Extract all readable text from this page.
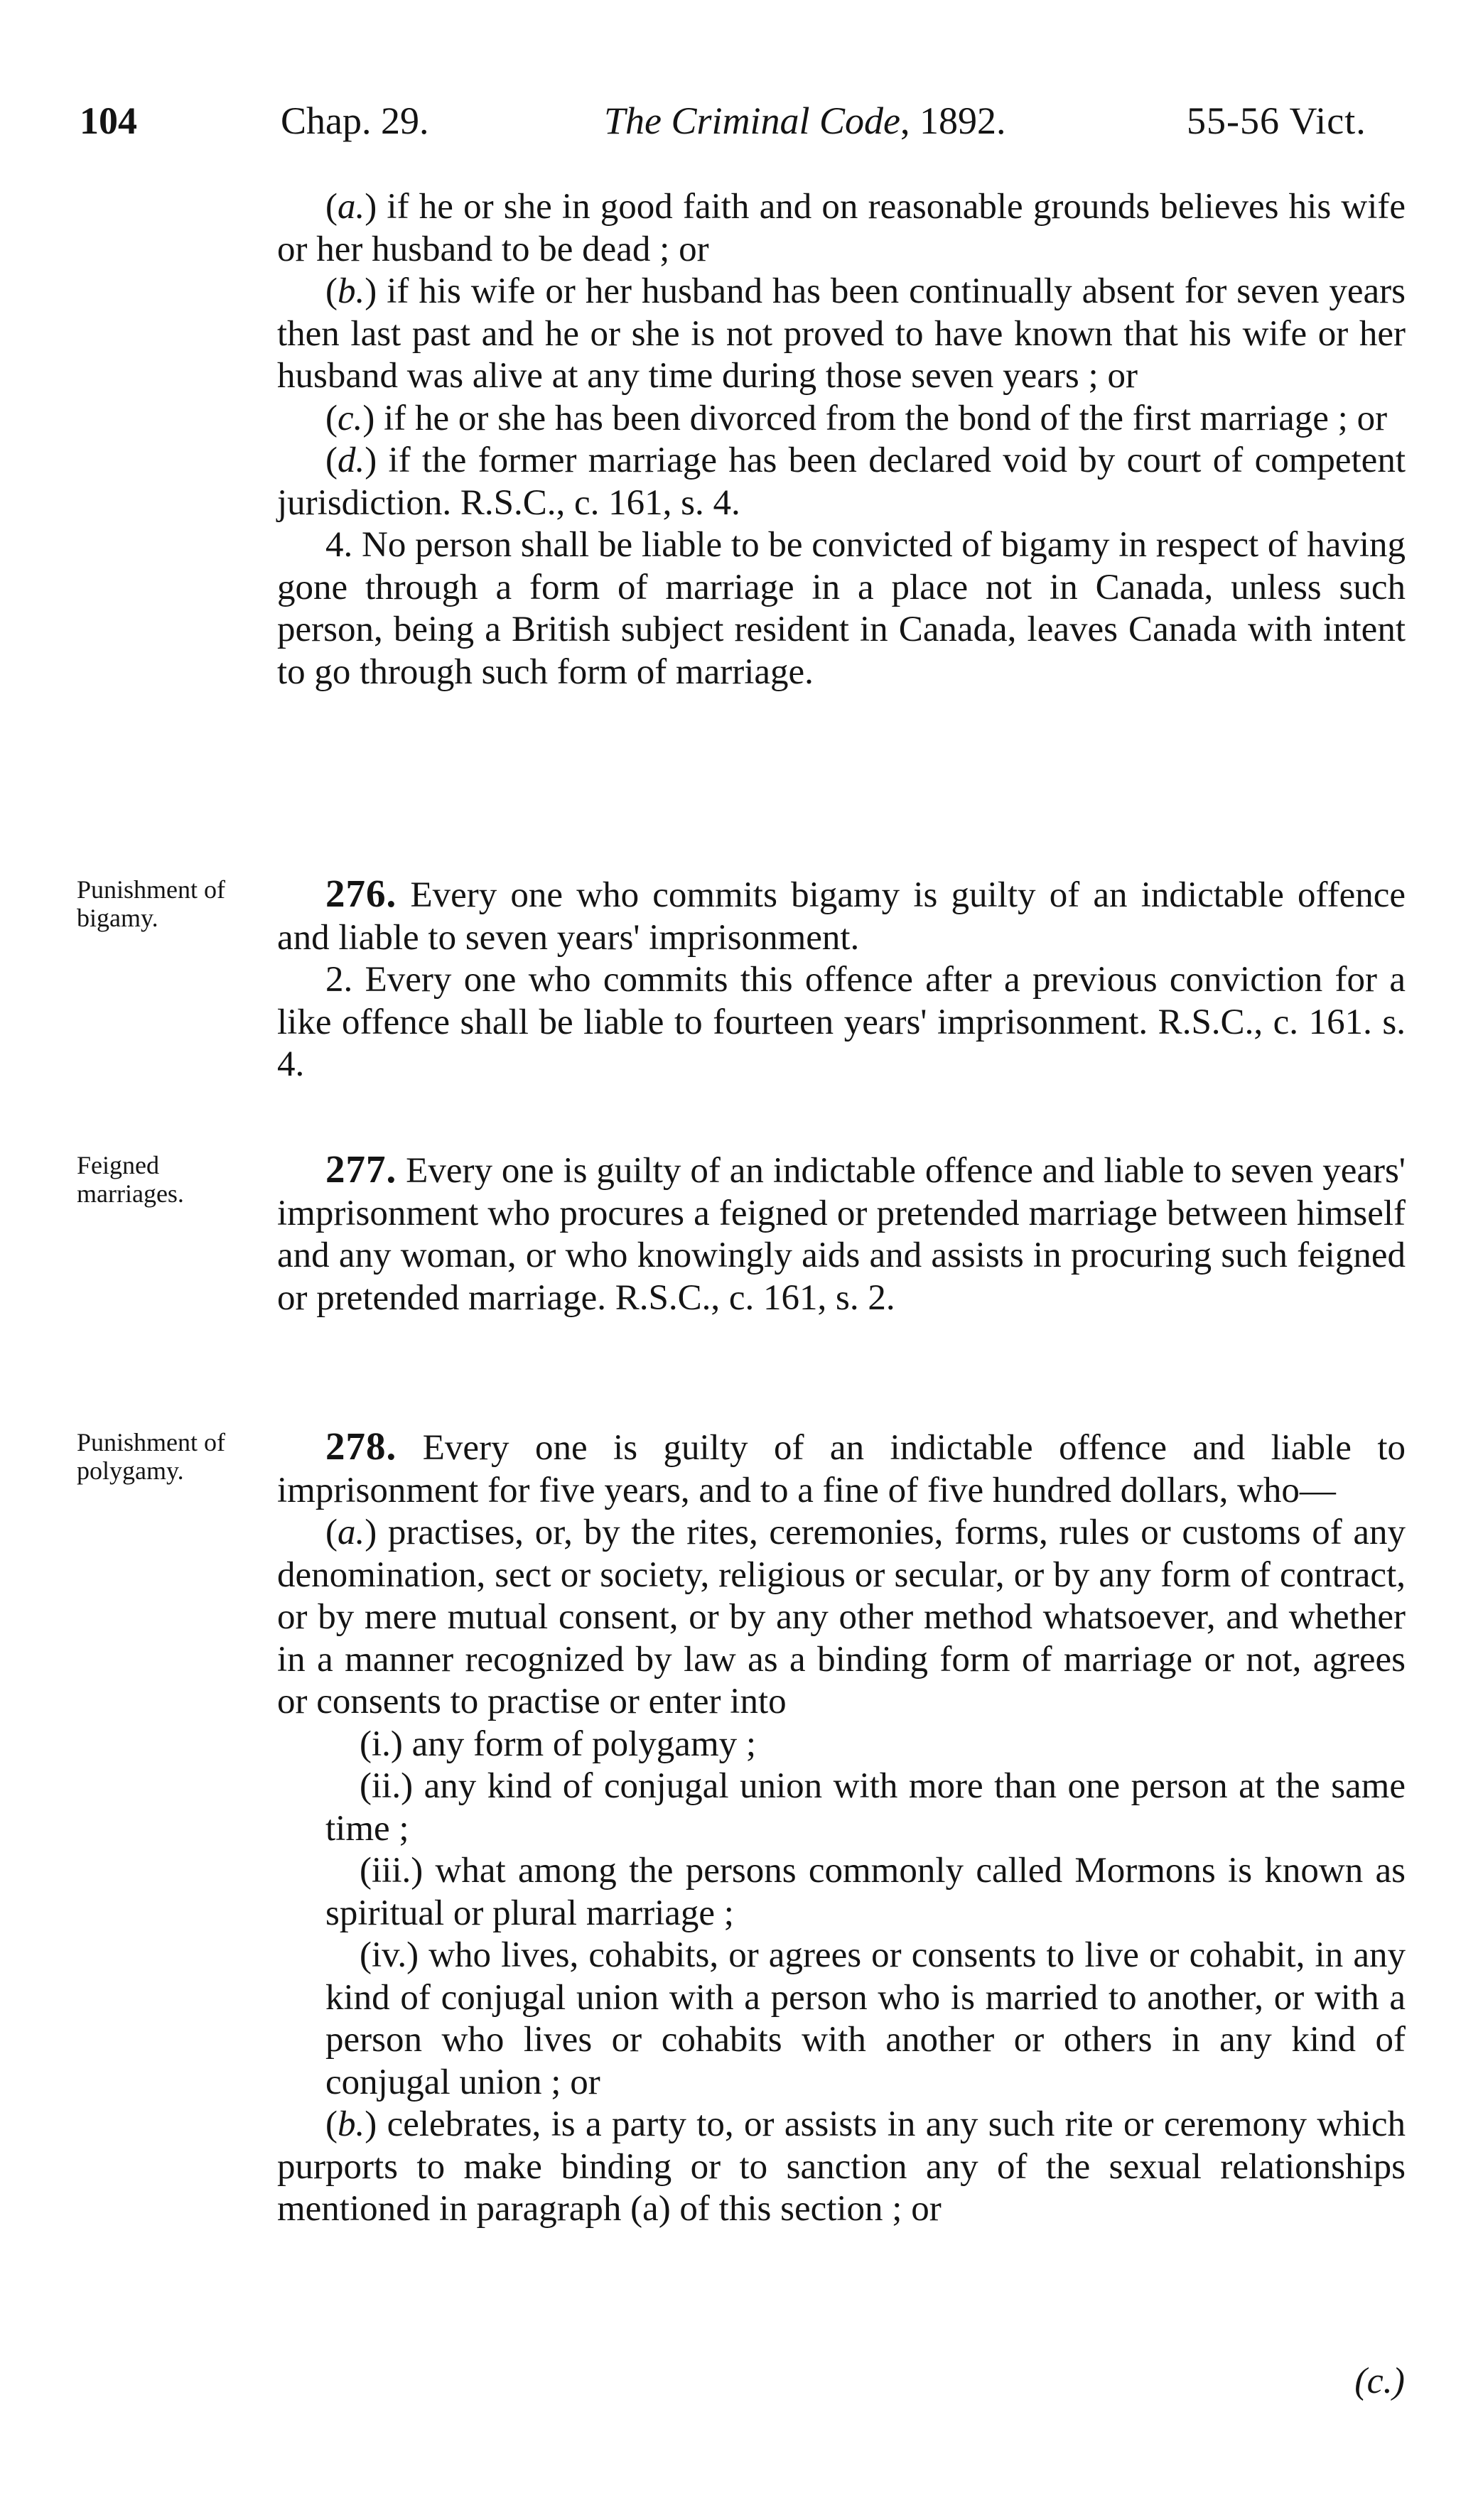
104	Chap. 29.	The Criminal Code, 1892.	55-56 Vict.

(a.) if he or she in good faith and on reasonable grounds believes his wife or her husband to be dead ; or

(b.) if his wife or her husband has been continually absent for seven years then last past and he or she is not proved to have known that his wife or her husband was alive at any time during those seven years ; or

(c.) if he or she has been divorced from the bond of the first marriage ; or

(d.) if the former marriage has been declared void by court of competent jurisdiction. R.S.C., c. 161, s. 4.

4. No person shall be liable to be convicted of bigamy in respect of having gone through a form of marriage in a place not in Canada, unless such person, being a British subject resident in Canada, leaves Canada with intent to go through such form of marriage.

Punishment of bigamy.

276. Every one who commits bigamy is guilty of an indictable offence and liable to seven years' imprisonment.

2. Every one who commits this offence after a previous conviction for a like offence shall be liable to fourteen years' imprisonment. R.S.C., c. 161. s. 4.

Feigned marriages.

277. Every one is guilty of an indictable offence and liable to seven years' imprisonment who procures a feigned or pretended marriage between himself and any woman, or who knowingly aids and assists in procuring such feigned or pretended marriage. R.S.C., c. 161, s. 2.

Punishment of polygamy.

278. Every one is guilty of an indictable offence and liable to imprisonment for five years, and to a fine of five hundred dollars, who—

(a.) practises, or, by the rites, ceremonies, forms, rules or customs of any denomination, sect or society, religious or secular, or by any form of contract, or by mere mutual consent, or by any other method whatsoever, and whether in a manner recognized by law as a binding form of marriage or not, agrees or consents to practise or enter into

(i.) any form of polygamy ;

(ii.) any kind of conjugal union with more than one person at the same time ;

(iii.) what among the persons commonly called Mormons is known as spiritual or plural marriage ;

(iv.) who lives, cohabits, or agrees or consents to live or cohabit, in any kind of conjugal union with a person who is married to another, or with a person who lives or cohabits with another or others in any kind of conjugal union ; or

(b.) celebrates, is a party to, or assists in any such rite or ceremony which purports to make binding or to sanction any of the sexual relationships mentioned in paragraph (a) of this section ; or

(c.)
